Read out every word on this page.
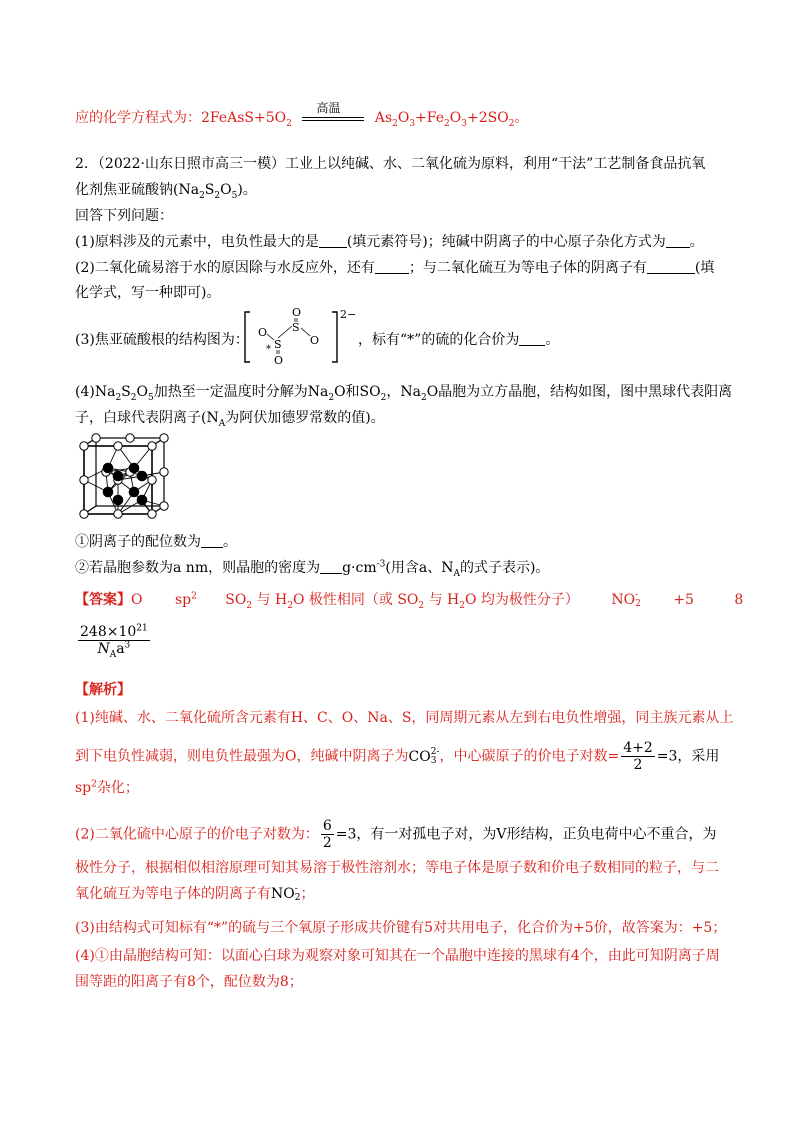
应的化学方程式为：$2FeAsS+5O_2$
高温
$As_2O_3+Fe_2O_3+2SO_2$。
2．（2022·山东日照市高三一模）工业上以纯碱、水、二氧化硫为原料，利用“干法”工艺制备食品抗氧
化剂焦亚硫酸钠$(Na_2S_2O_5)$。
回答下列问题：
(1)原料涉及的元素中，电负性最大的是 (填元素符号)；纯碱中阴离子的中心原子杂化方式为 。
(2)二氧化硫易溶于水的原因除与水反应外，还有 ；与二氧化硫互为等电子体的阴离子有	(填
化学式，写一种即可)。
(3)焦亚硫酸根的结构图为： O
O
S
S	O
O
*
2−
，标有“*”的硫的化合价为 。
$(4)Na_2S_2O_5$加热至一定温度时分解为$Na_2O$和$SO_2$，$Na_2O$晶胞为立方晶胞，结构如图，图中黑球代表阳离
子，白球代表阴离子($N_A$为阿伏加德罗常数的值)。
①阴离子的配位数为 。
②若晶胞参数为a nm，则晶胞的密度为 $g\cdot cm^{-3}$(用含a、$N_A$的式子表示)。
【答案】O $sp^2$ $SO_2$ 与 $H_2O$ 极性相同（或 $SO_2$ 与 $H_2O$ 均为极性分子） NO -
2 +5	8
$\frac{248\times 10^{21}}{N_Aa^3}$
【解析】
(1)纯碱、水、二氧化硫所含元素有H、C、O、Na、S，同周期元素从左到右电负性增强，同主族元素从上
到下电负性减弱，则电负性最强为O，纯碱中阴离子为CO 2-
3 ，中心碳原子的价电子对数= $\frac{4+2}{2} =3$，采用
$sp^2$杂化；
(2)二氧化硫中心原子的价电子对数为： $\frac{6}{2} =3$，有一对孤电子对，为V形结构，正负电荷中心不重合，为
极性分子，根据相似相溶原理可知其易溶于极性溶剂水；等电子体是原子数和价电子数相同的粒子，与二
氧化硫互为等电子体的阴离子有NO -
2 ；
(3)由结构式可知标有“*”的硫与三个氧原子形成共价键有5对共用电子，化合价为+5价，故答案为：+5；
(4)①由晶胞结构可知：以面心白球为观察对象可知其在一个晶胞中连接的黑球有4个，由此可知阴离子周
围等距的阳离子有8个，配位数为8；
